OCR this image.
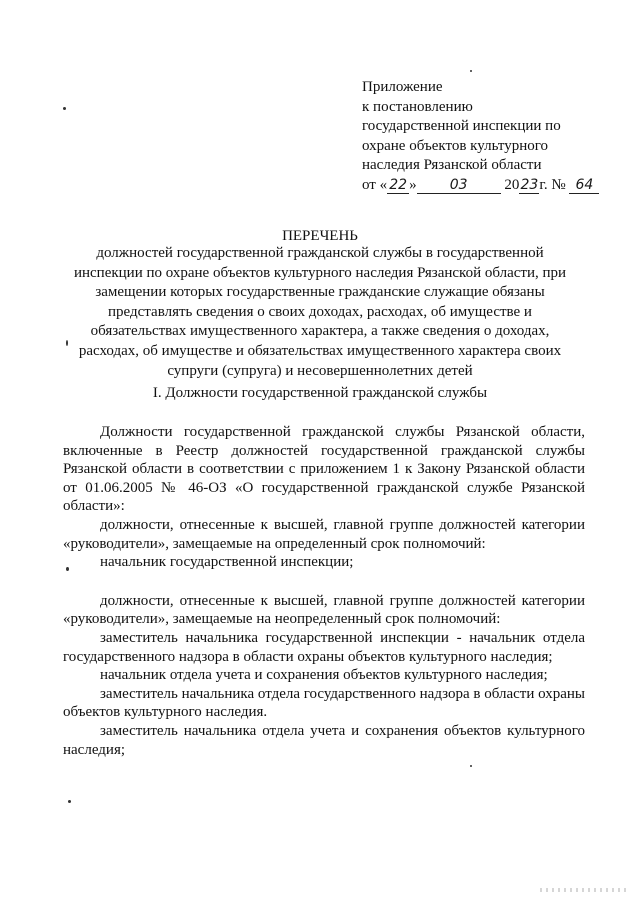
Приложение
к постановлению
государственной инспекции по
охране объектов культурного
наследия Рязанской области
от « 22 » 03 2023г. № 64
ПЕРЕЧЕНЬ
должностей государственной гражданской службы в государственной
инспекции по охране объектов культурного наследия Рязанской области, при
замещении которых государственные гражданские служащие обязаны
представлять сведения о своих доходах, расходах, об имуществе и
обязательствах имущественного характера, а также сведения о доходах,
расходах, об имуществе и обязательствах имущественного характера своих
супруги (супруга) и несовершеннолетних детей
I. Должности государственной гражданской службы

Должности государственной гражданской службы Рязанской области, включенные в Реестр должностей государственной гражданской службы Рязанской области в соответствии с приложением 1 к Закону Рязанской области от 01.06.2005 № 46-ОЗ «О государственной гражданской службе Рязанской области»:

должности, отнесенные к высшей, главной группе должностей категории «руководители», замещаемые на определенный срок полномочий:

начальник государственной инспекции;

должности, отнесенные к высшей, главной группе должностей категории «руководители», замещаемые на неопределенный срок полномочий:

заместитель начальника государственной инспекции - начальник отдела государственного надзора в области охраны объектов культурного наследия;

начальник отдела учета и сохранения объектов культурного наследия;

заместитель начальника отдела государственного надзора в области охраны объектов культурного наследия.

заместитель начальника отдела учета и сохранения объектов культурного наследия;
